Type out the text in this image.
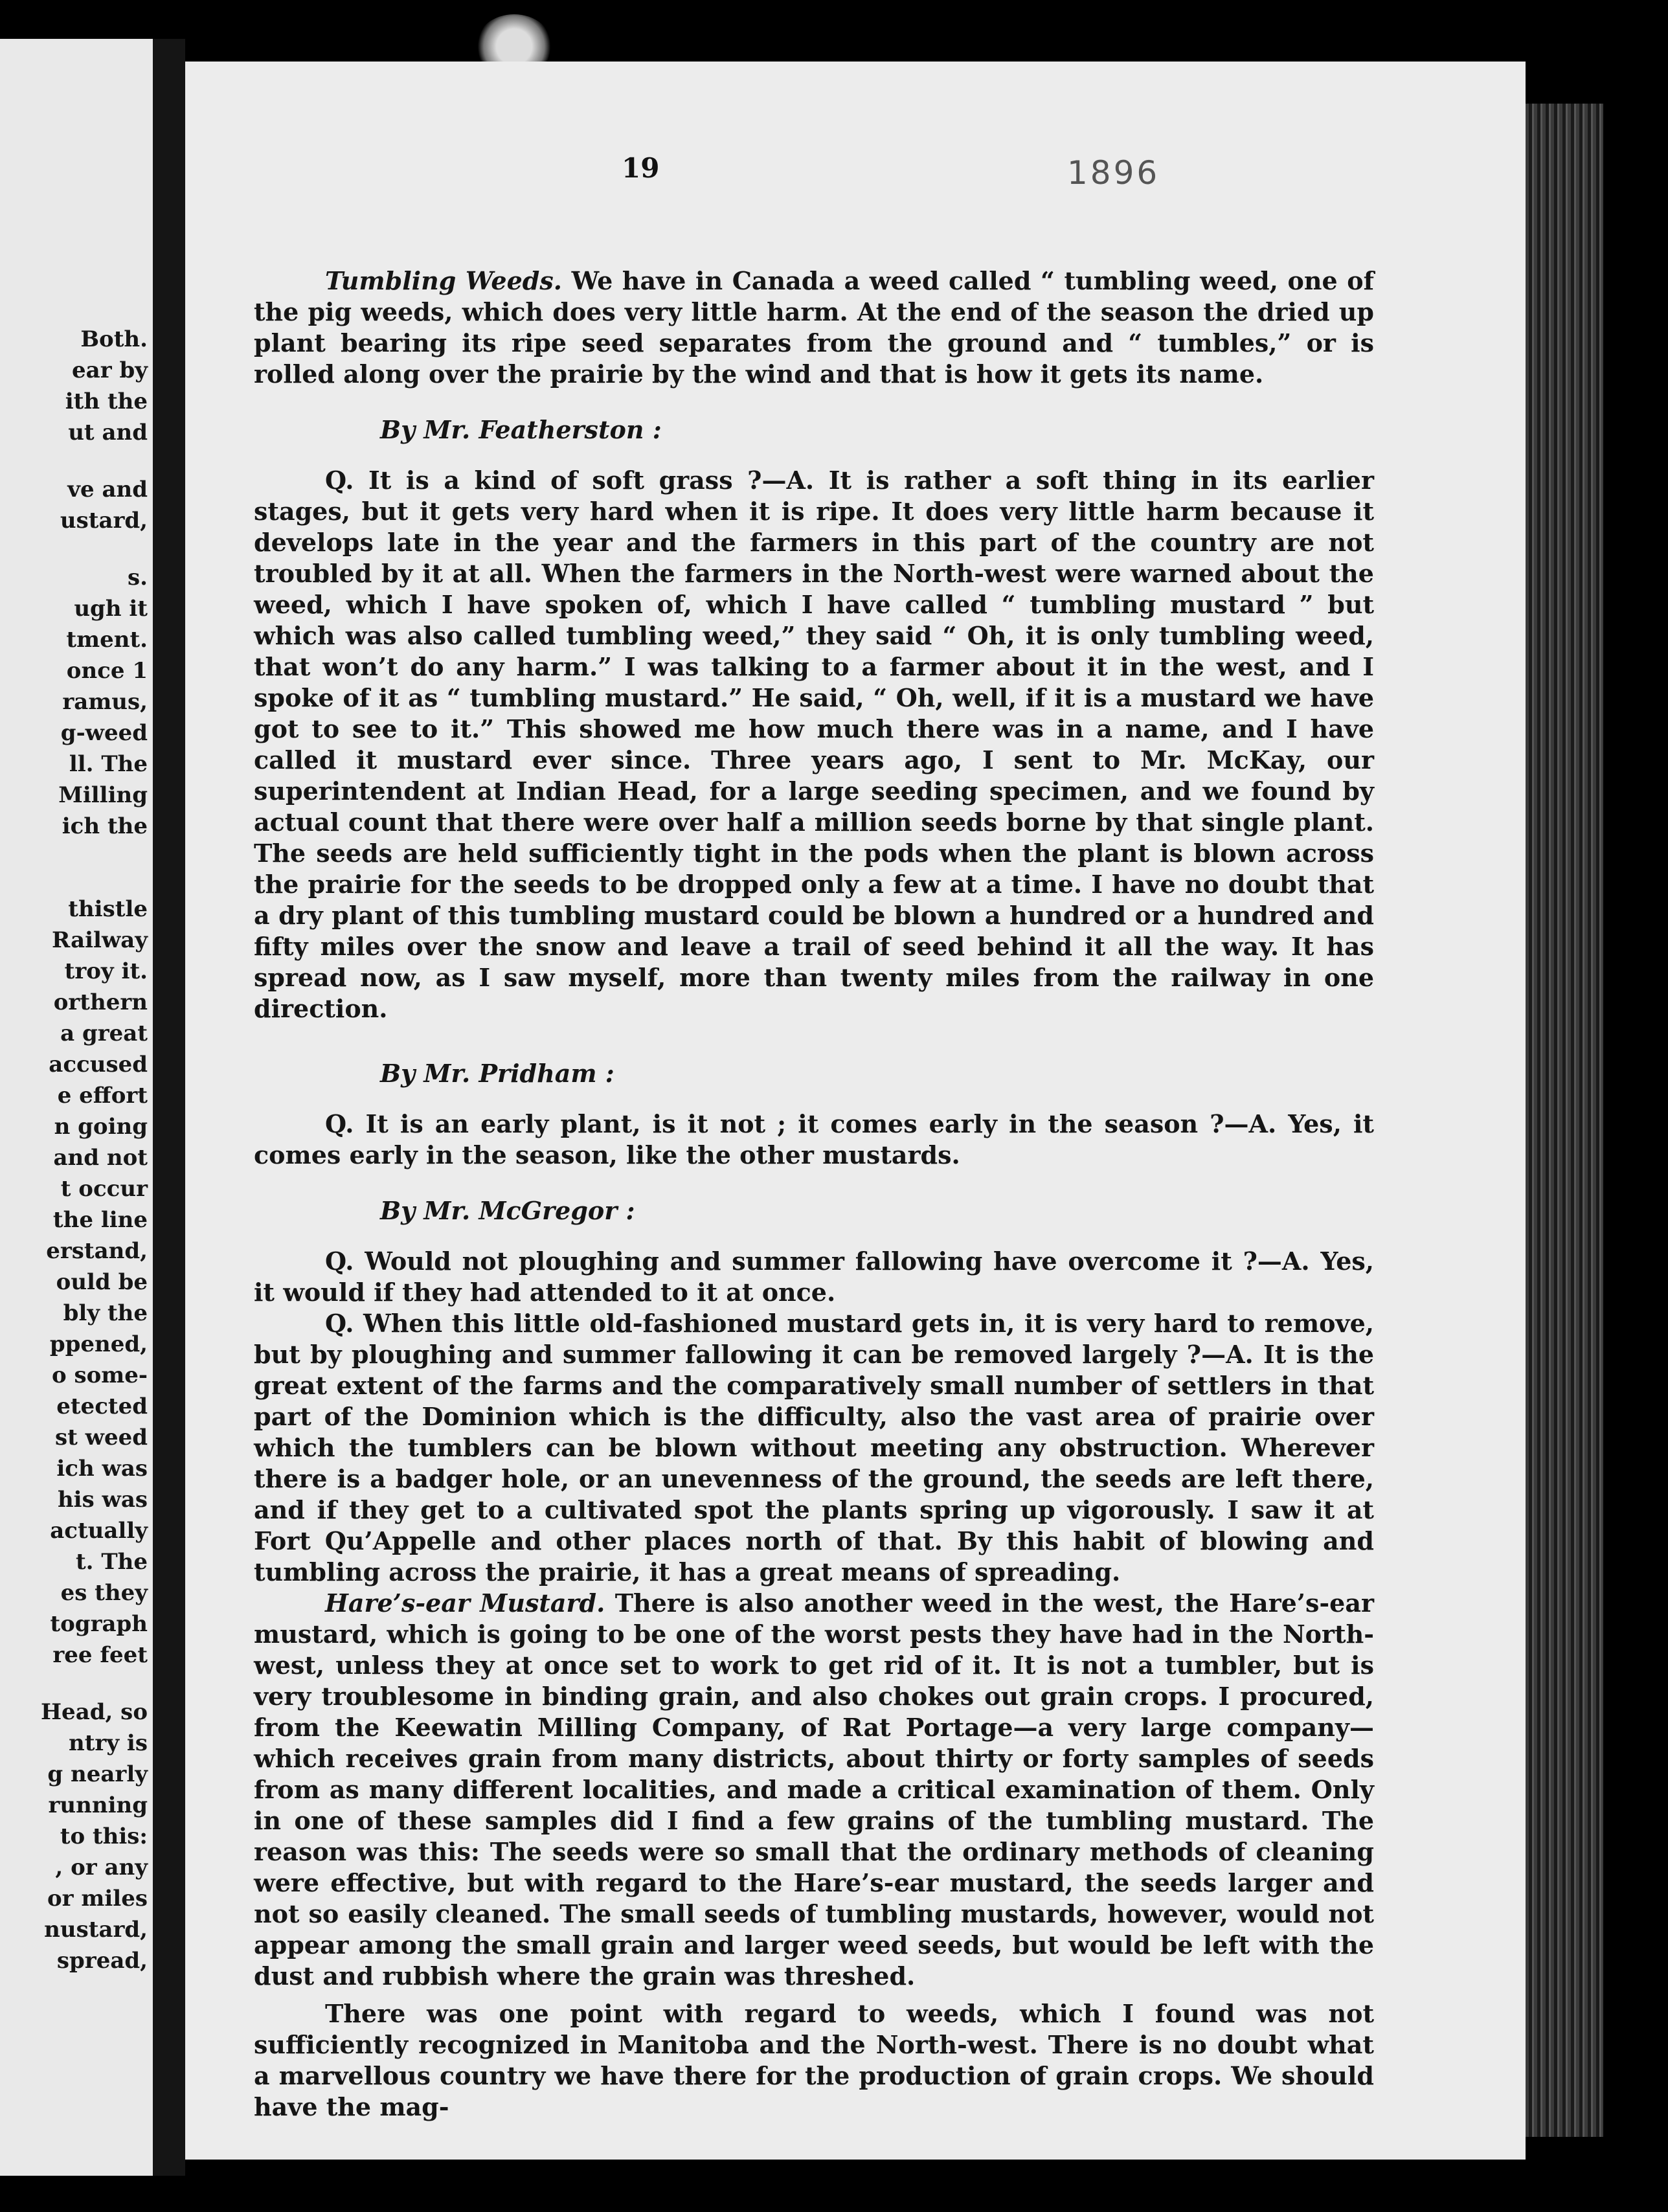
Both.
ear by
ith the
ut and
ve and
ustard,
s.
ugh it
tment.
once 1
ramus,
g-weed
ll. The
Milling
ich the
thistle
Railway
troy it.
orthern
a great
accused
e effort
n going
and not
t occur
the line
erstand,
ould be
bly the
ppened,
o some-
etected
st weed
ich was
his was
actually
t. The
es they
tograph
ree feet
Head, so
ntry is
g nearly
running
to this:
, or any
or miles
nustard,
spread,
19	1896

Tumbling Weeds. We have in Canada a weed called “ tumbling weed, one of the pig weeds, which does very little harm. At the end of the season the dried up plant bearing its ripe seed separates from the ground and “ tumbles,” or is rolled along over the prairie by the wind and that is how it gets its name.

By Mr. Featherston :

Q. It is a kind of soft grass ?—A. It is rather a soft thing in its earlier stages, but it gets very hard when it is ripe. It does very little harm because it develops late in the year and the farmers in this part of the country are not troubled by it at all. When the farmers in the North-west were warned about the weed, which I have spoken of, which I have called “ tumbling mustard ” but which was also called tumbling weed,” they said “ Oh, it is only tumbling weed, that won’t do any harm.” I was talking to a farmer about it in the west, and I spoke of it as “ tumbling mustard.” He said, “ Oh, well, if it is a mustard we have got to see to it.” This showed me how much there was in a name, and I have called it mustard ever since. Three years ago, I sent to Mr. McKay, our superintendent at Indian Head, for a large seeding specimen, and we found by actual count that there were over half a million seeds borne by that single plant. The seeds are held sufficiently tight in the pods when the plant is blown across the prairie for the seeds to be dropped only a few at a time. I have no doubt that a dry plant of this tumbling mustard could be blown a hundred or a hundred and fifty miles over the snow and leave a trail of seed behind it all the way. It has spread now, as I saw myself, more than twenty miles from the railway in one direction.

By Mr. Pridham :

Q. It is an early plant, is it not ; it comes early in the season ?—A. Yes, it comes early in the season, like the other mustards.

By Mr. McGregor :

Q. Would not ploughing and summer fallowing have overcome it ?—A. Yes, it would if they had attended to it at once.

Q. When this little old-fashioned mustard gets in, it is very hard to remove, but by ploughing and summer fallowing it can be removed largely ?—A. It is the great extent of the farms and the comparatively small number of settlers in that part of the Dominion which is the difficulty, also the vast area of prairie over which the tumblers can be blown without meeting any obstruction. Wherever there is a badger hole, or an unevenness of the ground, the seeds are left there, and if they get to a cultivated spot the plants spring up vigorously. I saw it at Fort Qu’Appelle and other places north of that. By this habit of blowing and tumbling across the prairie, it has a great means of spreading.

Hare’s-ear Mustard. There is also another weed in the west, the Hare’s-ear mustard, which is going to be one of the worst pests they have had in the North-west, unless they at once set to work to get rid of it. It is not a tumbler, but is very troublesome in binding grain, and also chokes out grain crops. I procured, from the Keewatin Milling Company, of Rat Portage—a very large company—which receives grain from many districts, about thirty or forty samples of seeds from as many different localities, and made a critical examination of them. Only in one of these samples did I find a few grains of the tumbling mustard. The reason was this: The seeds were so small that the ordinary methods of cleaning were effective, but with regard to the Hare’s-ear mustard, the seeds larger and not so easily cleaned. The small seeds of tumbling mustards, however, would not appear among the small grain and larger weed seeds, but would be left with the dust and rubbish where the grain was threshed.

There was one point with regard to weeds, which I found was not sufficiently recognized in Manitoba and the North-west. There is no doubt what a marvellous country we have there for the production of grain crops. We should have the mag-
